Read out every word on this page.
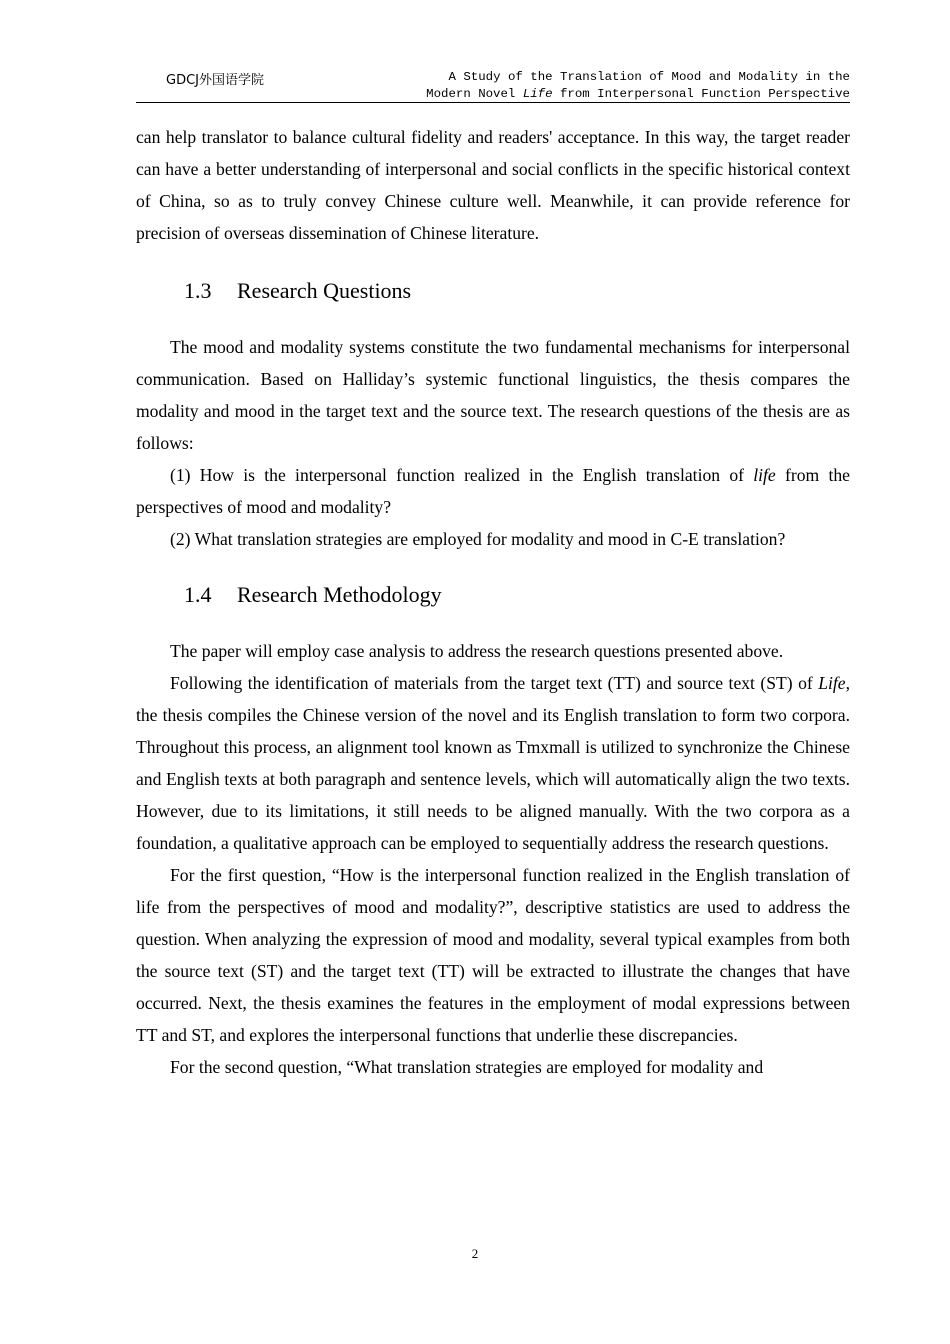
GDCJ外国语学院	A Study of the Translation of Mood and Modality in the
Modern Novel Life from Interpersonal Function Perspective

can help translator to balance cultural fidelity and readers' acceptance. In this way, the target reader can have a better understanding of interpersonal and social conflicts in the specific historical context of China, so as to truly convey Chinese culture well. Meanwhile, it can provide reference for precision of overseas dissemination of Chinese literature.

1.3 Research Questions

The mood and modality systems constitute the two fundamental mechanisms for interpersonal communication. Based on Halliday’s systemic functional linguistics, the thesis compares the modality and mood in the target text and the source text. The research questions of the thesis are as follows:

(1) How is the interpersonal function realized in the English translation of life from the perspectives of mood and modality?

(2) What translation strategies are employed for modality and mood in C-E translation?

1.4 Research Methodology

The paper will employ case analysis to address the research questions presented above.

Following the identification of materials from the target text (TT) and source text (ST) of Life, the thesis compiles the Chinese version of the novel and its English translation to form two corpora. Throughout this process, an alignment tool known as Tmxmall is utilized to synchronize the Chinese and English texts at both paragraph and sentence levels, which will automatically align the two texts. However, due to its limitations, it still needs to be aligned manually. With the two corpora as a foundation, a qualitative approach can be employed to sequentially address the research questions.

For the first question, “How is the interpersonal function realized in the English translation of life from the perspectives of mood and modality?”, descriptive statistics are used to address the question. When analyzing the expression of mood and modality, several typical examples from both the source text (ST) and the target text (TT) will be extracted to illustrate the changes that have occurred. Next, the thesis examines the features in the employment of modal expressions between TT and ST, and explores the interpersonal functions that underlie these discrepancies.

For the second question, “What translation strategies are employed for modality and

2
